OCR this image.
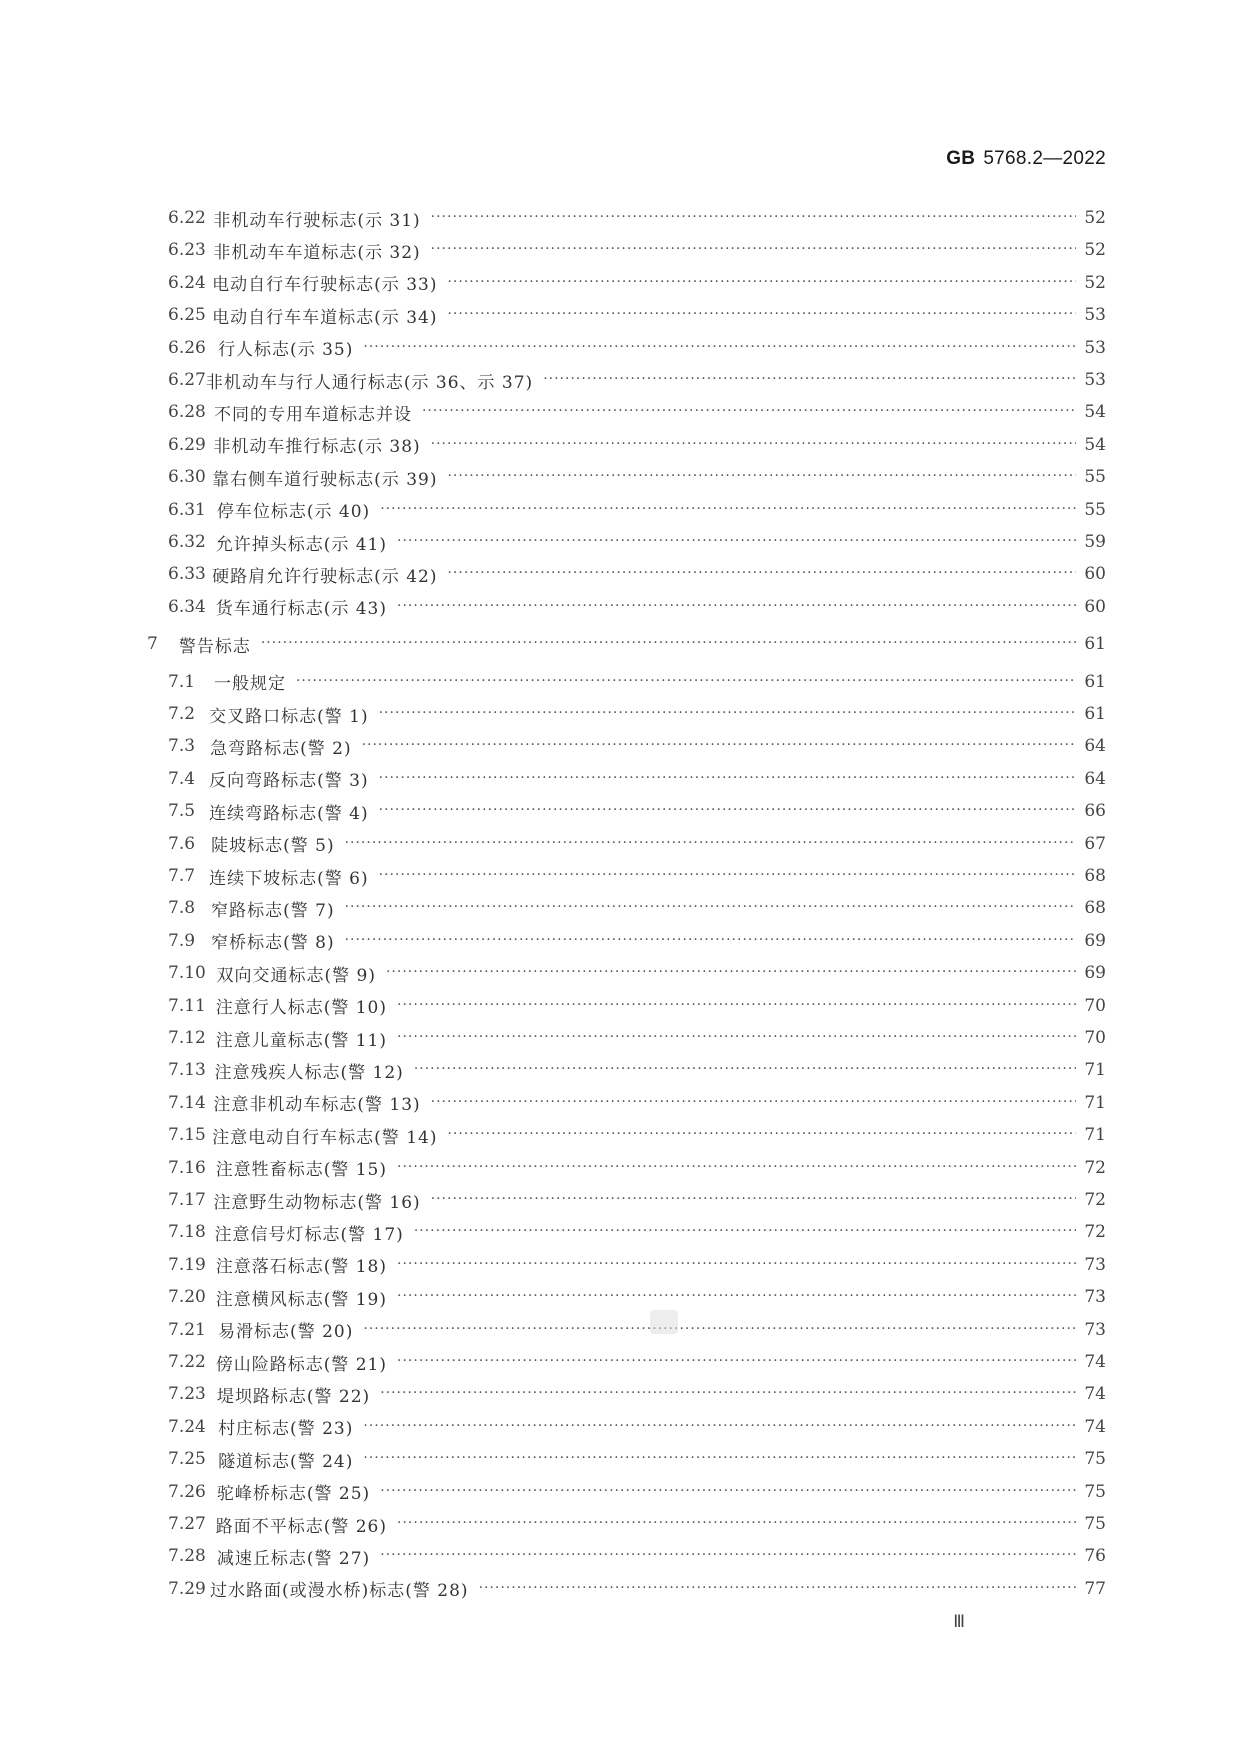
GB 5768.2—2022
6.22 非机动车行驶标志(示 31) ·····	52
6.23 非机动车车道标志(示 32) ·····	52
6.24 电动自行车行驶标志(示 33) ·····	52
6.25 电动自行车车道标志(示 34) ·····	53
6.26 行人标志(示 35) ·····	53
6.27 非机动车与行人通行标志(示 36、示 37) ·····	53
6.28 不同的专用车道标志并设 ·····	54
6.29 非机动车推行标志(示 38) ·····	54
6.30 靠右侧车道行驶标志(示 39) ·····	55
6.31 停车位标志(示 40) ·····	55
6.32 允许掉头标志(示 41) ·····	59
6.33 硬路肩允许行驶标志(示 42) ·····	60
6.34 货车通行标志(示 43) ·····	60
7	警告标志 ·····	61
7.1	一般规定 ·····	61
7.2 交叉路口标志(警 1) ·····	61
7.3 急弯路标志(警 2) ·····	64
7.4 反向弯路标志(警 3) ·····	64
7.5 连续弯路标志(警 4) ·····	66
7.6 陡坡标志(警 5) ·····	67
7.7 连续下坡标志(警 6) ·····	68
7.8 窄路标志(警 7) ·····	68
7.9 窄桥标志(警 8) ·····	69
7.10 双向交通标志(警 9) ·····	69
7.11 注意行人标志(警 10) ·····	70
7.12 注意儿童标志(警 11) ·····	70
7.13 注意残疾人标志(警 12) ·····	71
7.14 注意非机动车标志(警 13) ·····	71
7.15 注意电动自行车标志(警 14) ·····	71
7.16 注意牲畜标志(警 15) ·····	72
7.17 注意野生动物标志(警 16) ·····	72
7.18 注意信号灯标志(警 17) ·····	72
7.19 注意落石标志(警 18) ·····	73
7.20 注意横风标志(警 19) ·····	73
7.21 易滑标志(警 20) ·····	73
7.22 傍山险路标志(警 21) ·····	74
7.23 堤坝路标志(警 22) ·····	74
7.24 村庄标志(警 23) ·····	74
7.25 隧道标志(警 24) ·····	75
7.26 驼峰桥标志(警 25) ·····	75
7.27 路面不平标志(警 26) ·····	75
7.28 减速丘标志(警 27) ·····	76
7.29 过水路面(或漫水桥)标志(警 28) ·····	77
Ⅲ
